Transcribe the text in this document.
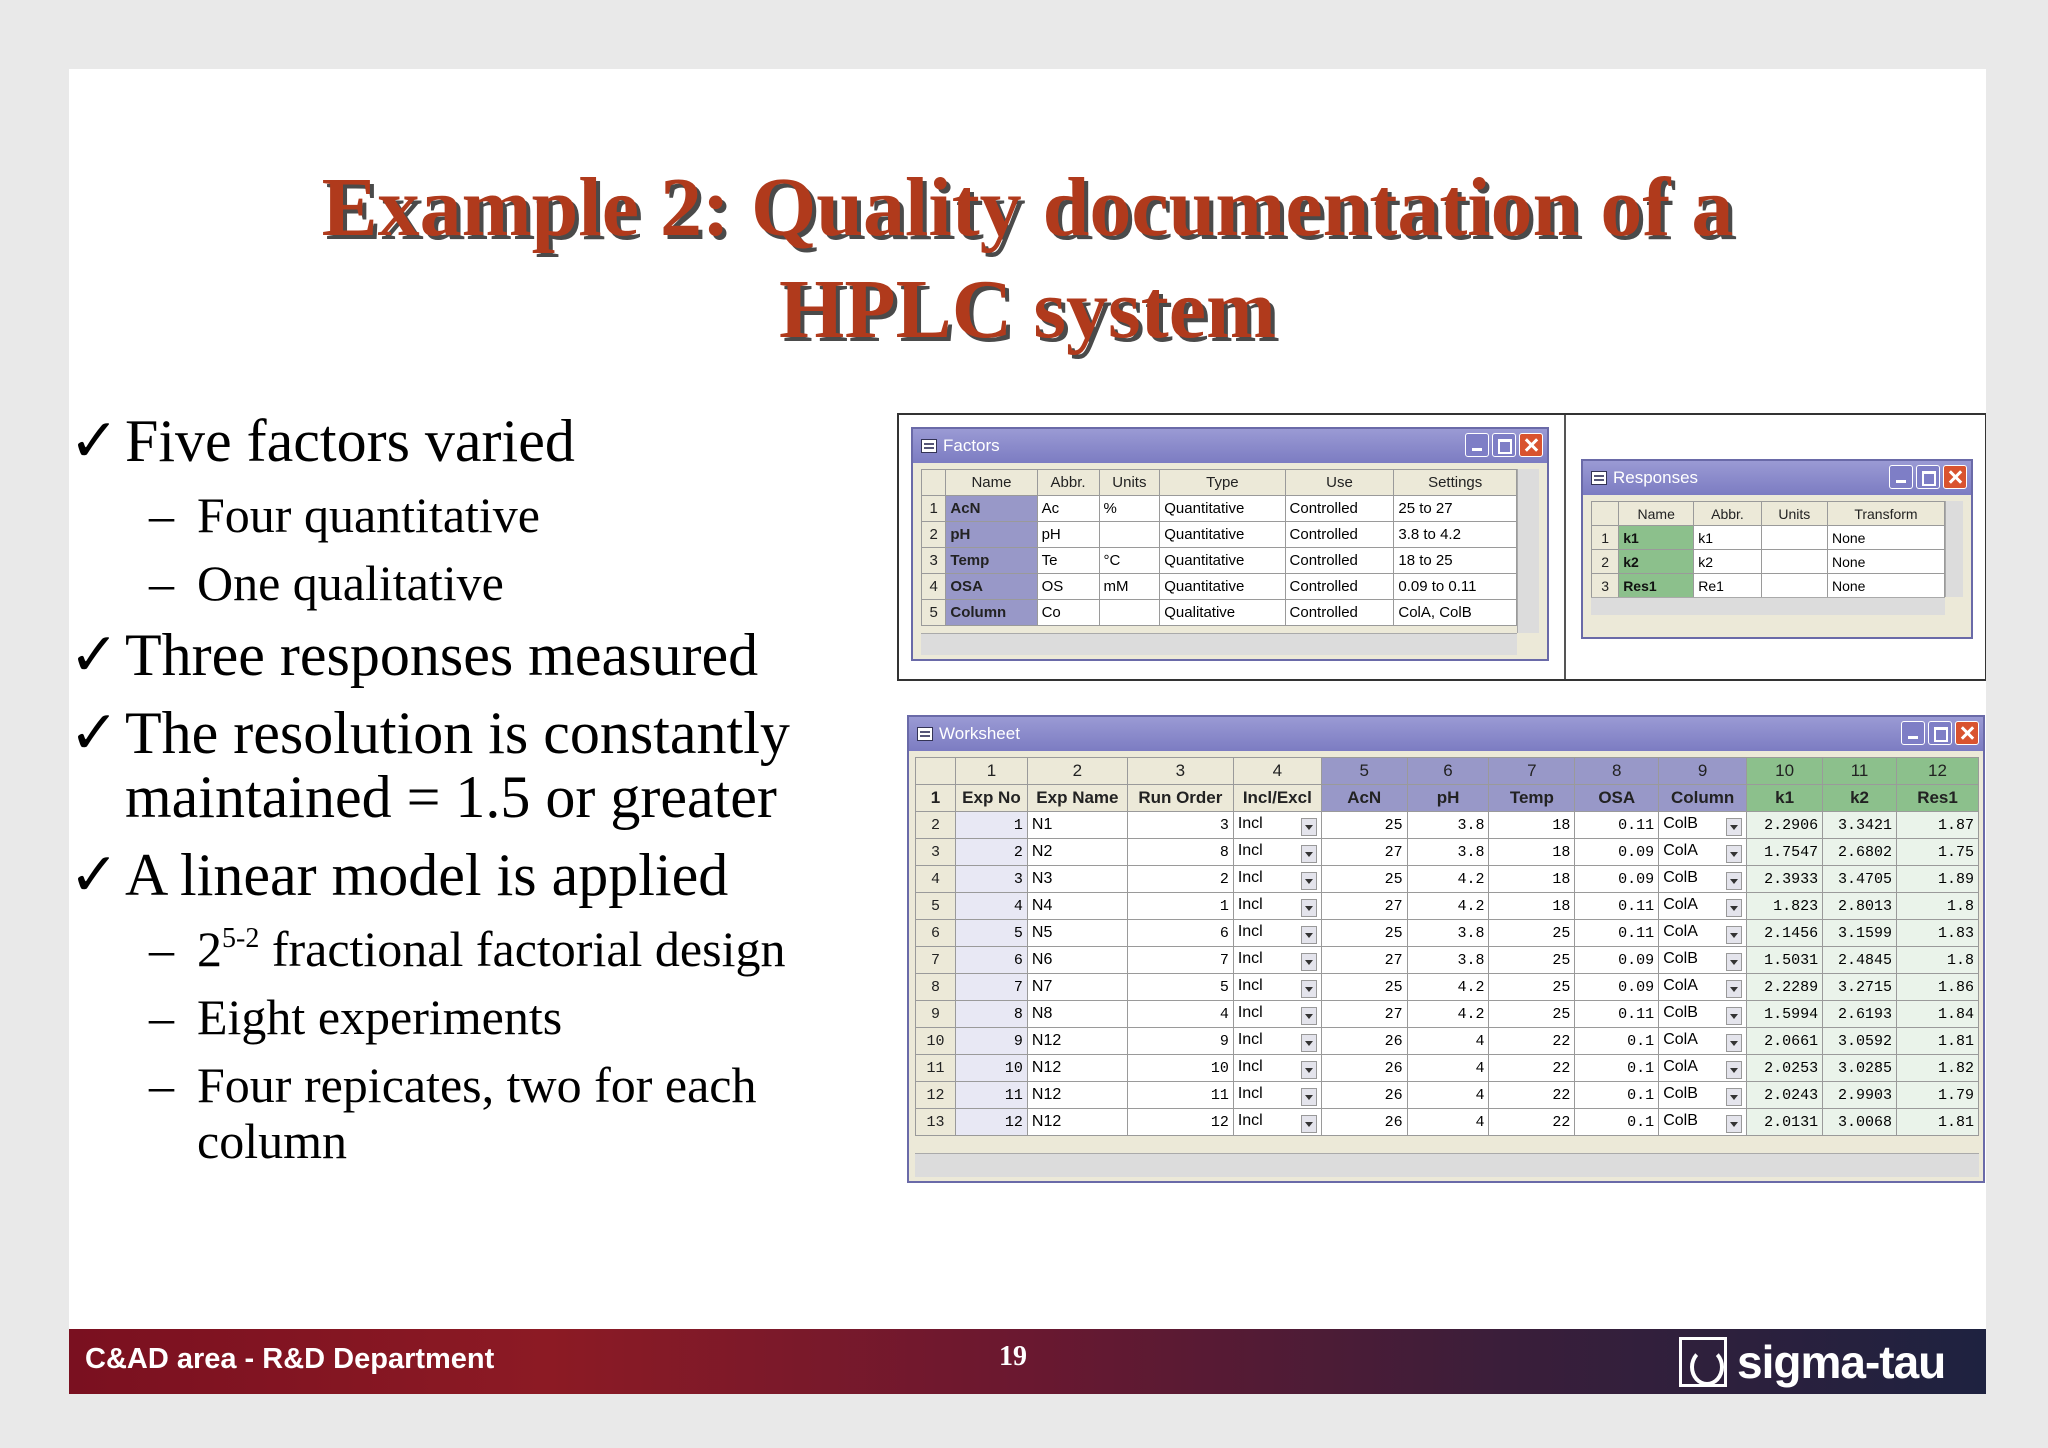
Example 2: Quality documentation of a
HPLC system
✓ Five factors varied
– Four quantitative
– One qualitative
✓ Three responses measured
✓ The resolution is constantly
maintained = 1.5 or greater
✓ A linear model is applied
– 2$^{5-2}$ fractional factorial design
– Eight experiments
– Four repicates, two for each
column
Factors
	Name	Abbr.	Units	Type	Use	Settings
1	AcN	Ac	%	Quantitative	Controlled	25 to 27
2	pH	pH		Quantitative	Controlled	3.8 to 4.2
3	Temp	Te	°C	Quantitative	Controlled	18 to 25
4	OSA	OS	mM	Quantitative	Controlled	0.09 to 0.11
5	Column	Co		Qualitative	Controlled	ColA, ColB
Responses
	Name	Abbr.	Units	Transform
1	k1	k1		None
2	k2	k2		None
3	Res1	Re1		None
Worksheet
	1	2	3	4	5	6	7	8	9	10	11	12
1	Exp No	Exp Name	Run Order	Incl/Excl	AcN	pH	Temp	OSA	Column	k1	k2	Res1
2	1	N1	3	Incl	25	3.8	18	0.11	ColB	2.2906	3.3421	1.87
3	2	N2	8	Incl	27	3.8	18	0.09	ColA	1.7547	2.6802	1.75
4	3	N3	2	Incl	25	4.2	18	0.09	ColB	2.3933	3.4705	1.89
5	4	N4	1	Incl	27	4.2	18	0.11	ColA	1.823	2.8013	1.8
6	5	N5	6	Incl	25	3.8	25	0.11	ColA	2.1456	3.1599	1.83
7	6	N6	7	Incl	27	3.8	25	0.09	ColB	1.5031	2.4845	1.8
8	7	N7	5	Incl	25	4.2	25	0.09	ColA	2.2289	3.2715	1.86
9	8	N8	4	Incl	27	4.2	25	0.11	ColB	1.5994	2.6193	1.84
10	9	N12	9	Incl	26	4	22	0.1	ColA	2.0661	3.0592	1.81
11	10	N12	10	Incl	26	4	22	0.1	ColA	2.0253	3.0285	1.82
12	11	N12	11	Incl	26	4	22	0.1	ColB	2.0243	2.9903	1.79
13	12	N12	12	Incl	26	4	22	0.1	ColB	2.0131	3.0068	1.81
C&AD area - R&D Department	19	sigma-tau
